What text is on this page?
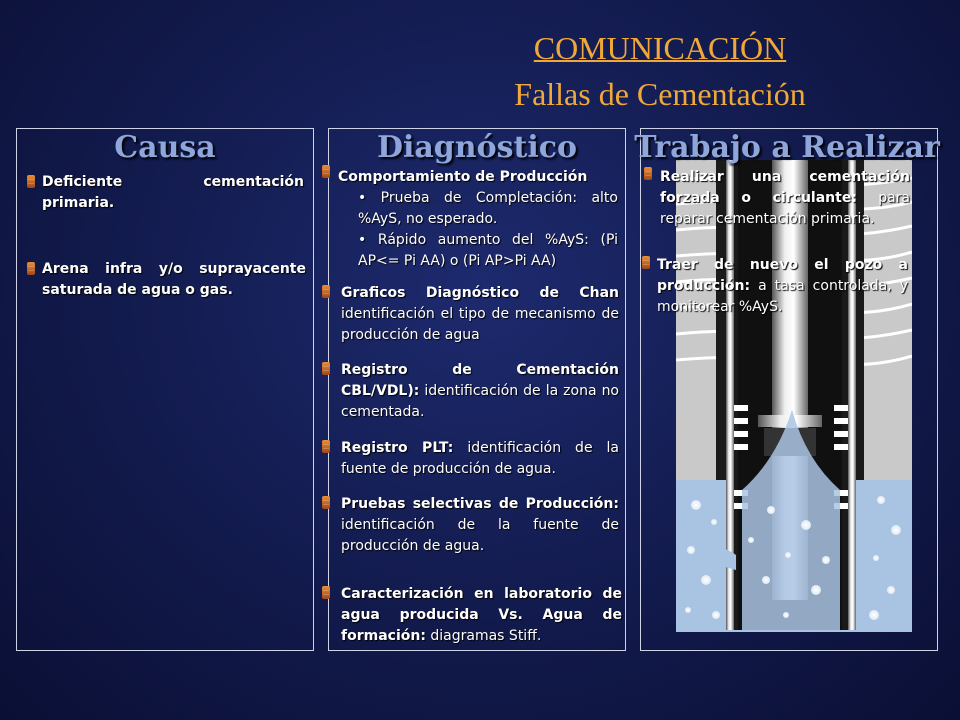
COMUNICACIÓN
Fallas de Cementación
Causa	Diagnóstico	Trabajo a Realizar
Deficiente cementación primaria.
Arena infra y/o suprayacente saturada de agua o gas.
Comportamiento de Producción
• Prueba de Completación: alto %AyS, no esperado.
• Rápido aumento del %AyS: (Pi AP<= Pi AA) o (Pi AP>Pi AA)
Graficos Diagnóstico de Chan identificación el tipo de mecanismo de producción de agua
Registro de Cementación CBL/VDL): identificación de la zona no cementada.
Registro PLT: identificación de la fuente de producción de agua.
Pruebas selectivas de Producción: identificación de la fuente de producción de agua.
Caracterización en laboratorio de agua producida Vs. Agua de formación: diagramas Stiff.
Realizar una cementación forzada o circulante: para reparar cementación primaria.
Traer de nuevo el pozo a producción: a tasa controlada, y monitorear %AyS.
